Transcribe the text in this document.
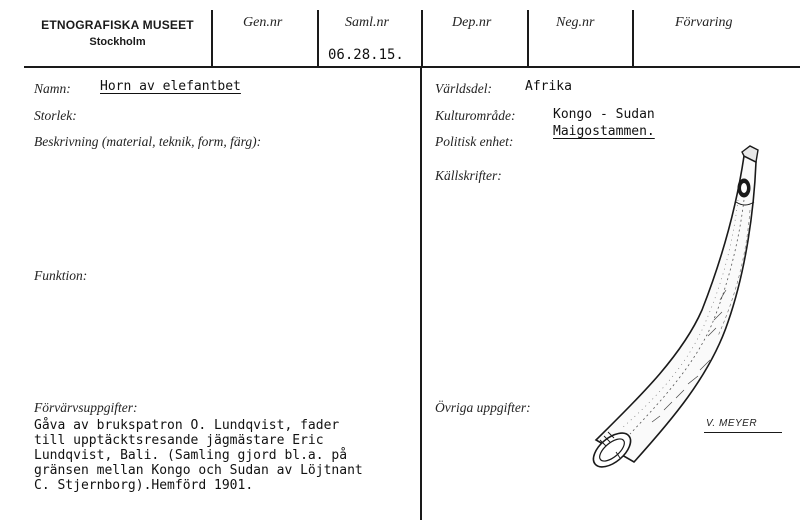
ETNOGRAFISKA MUSEET
Stockholm
Gen.nr	Saml.nr
06.28.15.
Dep.nr	Neg.nr	Förvaring
Namn: Horn av elefantbet
Storlek:
Beskrivning (material, teknik, form, färg):
Funktion:
Förvärvsuppgifter:
Gåva av brukspatron O. Lundqvist, fader
till upptäcktsresande jägmästare Eric
Lundqvist, Bali. (Samling gjord bl.a. på
gränsen mellan Kongo och Sudan av Löjtnant
C. Stjernborg).Hemförd 1901.
Världsdel:	Afrika
Kulturområde:	Kongo - Sudan
Politisk enhet:
Maigostammen.
Källskrifter:
Övriga uppgifter:
V. MEYER
